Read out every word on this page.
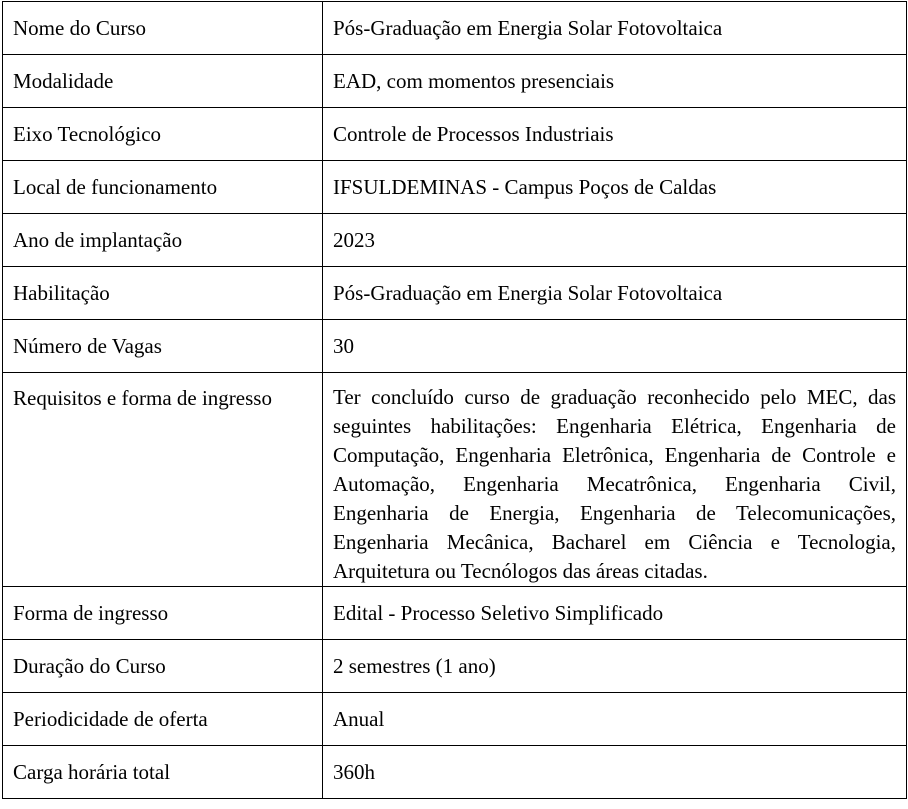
Nome do Curso	Pós-Graduação em Energia Solar Fotovoltaica
Modalidade	EAD, com momentos presenciais
Eixo Tecnológico	Controle de Processos Industriais
Local de funcionamento	IFSULDEMINAS - Campus Poços de Caldas
Ano de implantação	2023
Habilitação	Pós-Graduação em Energia Solar Fotovoltaica
Número de Vagas	30
Requisitos e forma de ingresso	Ter concluído curso de graduação reconhecido pelo MEC, das seguintes habilitações: Engenharia Elétrica, Engenharia de Computação, Engenharia Eletrônica, Engenharia de Controle e Automação, Engenharia Mecatrônica, Engenharia Civil, Engenharia de Energia, Engenharia de Telecomunicações, Engenharia Mecânica, Bacharel em Ciência e Tecnologia, Arquitetura ou Tecnólogos das áreas citadas.
Forma de ingresso	Edital - Processo Seletivo Simplificado
Duração do Curso	2 semestres (1 ano)
Periodicidade de oferta	Anual
Carga horária total	360h
